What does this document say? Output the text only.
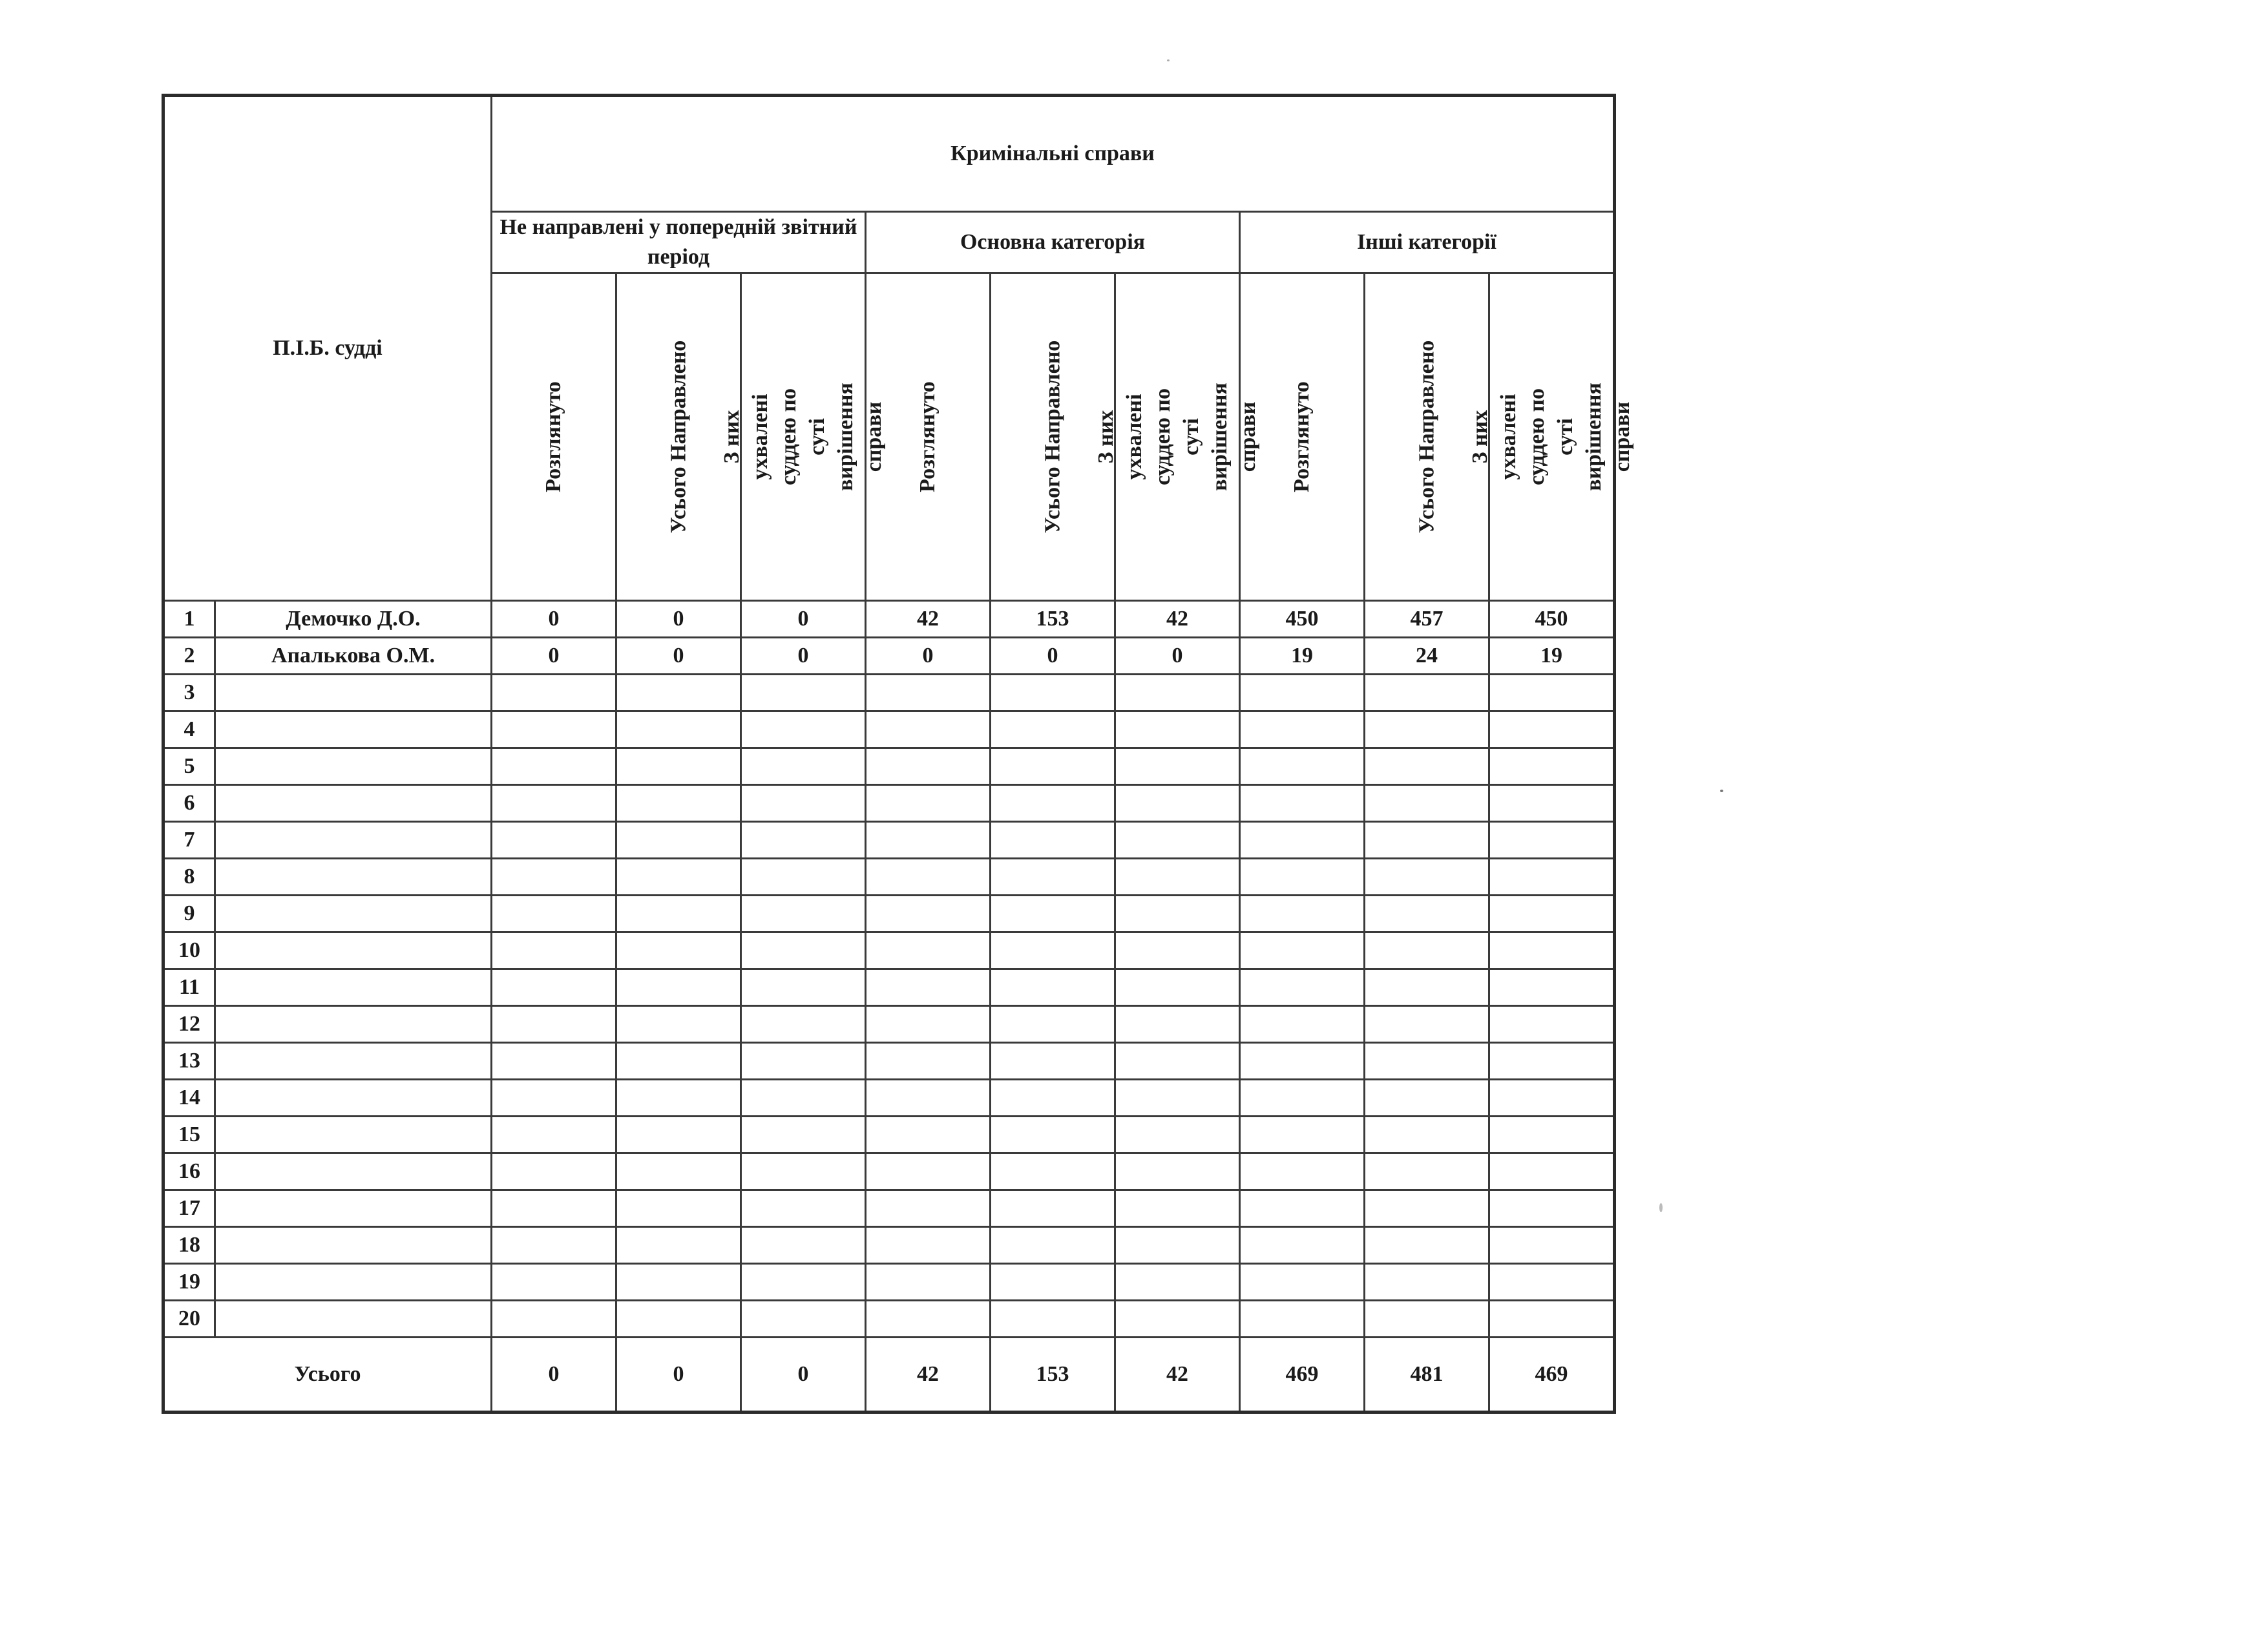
П.І.Б. судді		Кримінальні справи								
		Не направлені у попередній звітний період			Основна категорія			Інші категорії		

		Розглянуто	Усього Направлено	З них ухвалені суддею по суті вирішення справи	Розглянуто	Усього Направлено	З них ухвалені суддею по суті вирішення справи	Розглянуто	Усього Направлено	З них ухвалені суддею по суті вирішення справи

1	Демочко Д.О.	0	0	0	42	153	42	450	457	450
2	Апалькова О.М.	0	0	0	0	0	0	19	24	19
3										
4										
5										
6										
7										
8										
9										
10										
11										
12										
13										
14										
15										
16										
17										
18										
19										
20										
Усього		0	0	0	42	153	42	469	481	469
